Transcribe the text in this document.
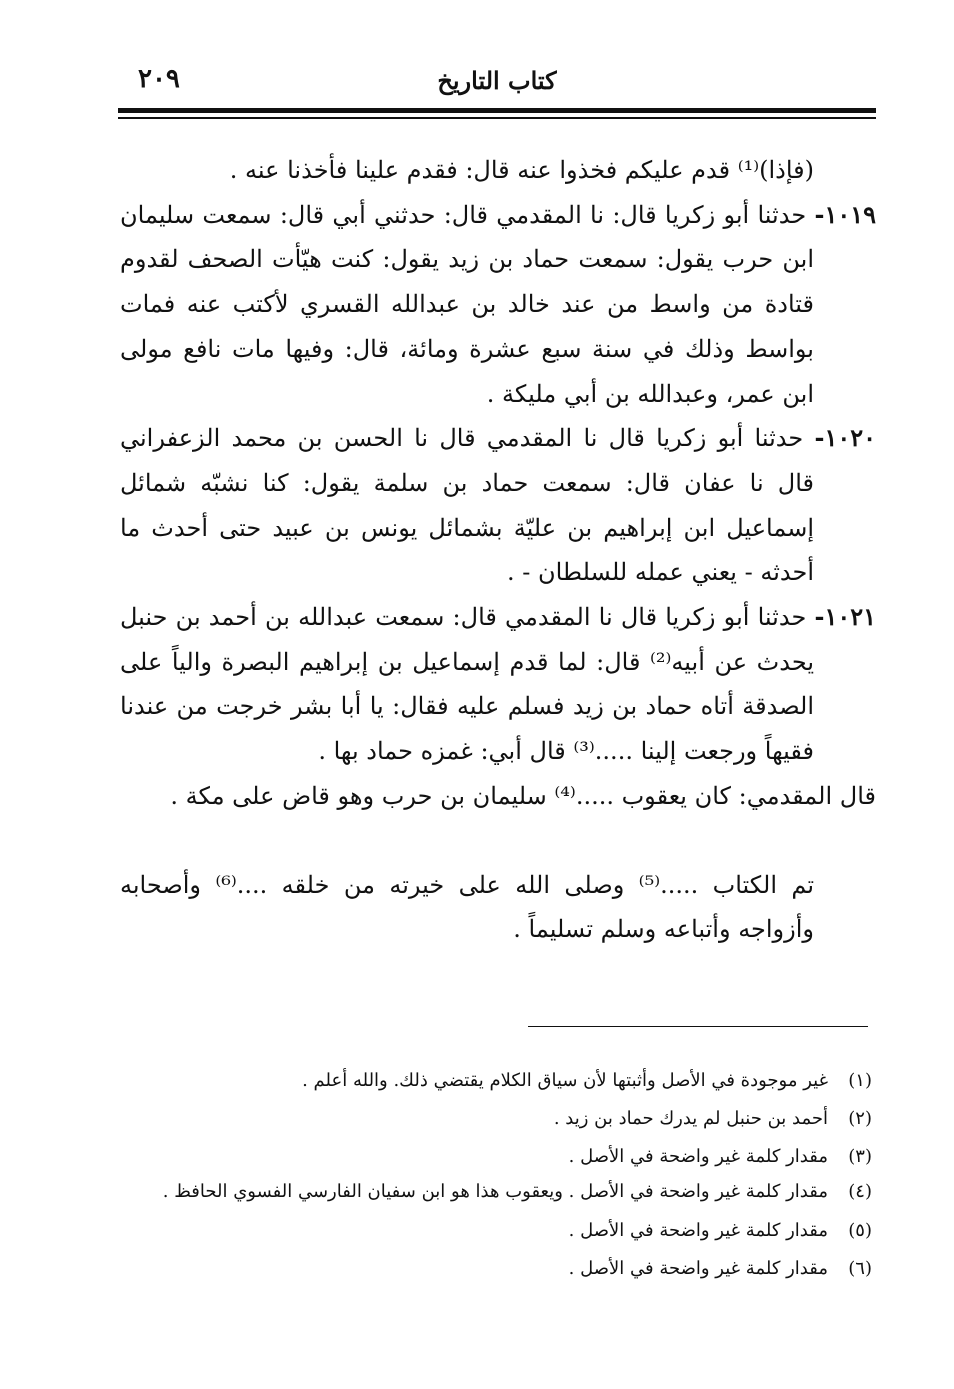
٢٠٩	كتاب التاريخ

(فإذا)⁽¹⁾ قدم عليكم فخذوا عنه قال: فقدم علينا فأخذنا عنه .

١٠١٩- حدثنا أبو زكريا قال: نا المقدمي قال: حدثني أبي قال: سمعت سليمان ابن حرب يقول: سمعت حماد بن زيد يقول: كنت هيّأت الصحف لقدوم قتادة من واسط من عند خالد بن عبدالله القسري لأكتب عنه فمات بواسط وذلك في سنة سبع عشرة ومائة، قال: وفيها مات نافع مولى ابن عمر، وعبدالله بن أبي مليكة .

١٠٢٠- حدثنا أبو زكريا قال نا المقدمي قال نا الحسن بن محمد الزعفراني قال نا عفان قال: سمعت حماد بن سلمة يقول: كنا نشبّه شمائل إسماعيل ابن إبراهيم بن عليّة بشمائل يونس بن عبيد حتى أحدث ما أحدثه - يعني عمله للسلطان - .

١٠٢١- حدثنا أبو زكريا قال نا المقدمي قال: سمعت عبدالله بن أحمد بن حنبل يحدث عن أبيه⁽²⁾ قال: لما قدم إسماعيل بن إبراهيم البصرة والياً على الصدقة أتاه حماد بن زيد فسلم عليه فقال: يا أبا بشر خرجت من عندنا فقيهاً ورجعت إلينا .....⁽³⁾ قال أبي: غمزه حماد بها .

قال المقدمي: كان يعقوب .....⁽⁴⁾ سليمان بن حرب وهو قاض على مكة .

تم الكتاب .....⁽⁵⁾ وصلى الله على خيرته من خلقه ....⁽⁶⁾ وأصحابه وأزواجه وأتباعه وسلم تسليماً .

(١)غير موجودة في الأصل وأثبتها لأن سياق الكلام يقتضي ذلك. والله أعلم .

(٢)أحمد بن حنبل لم يدرك حماد بن زيد .

(٣)مقدار كلمة غير واضحة في الأصل .

(٤)مقدار كلمة غير واضحة في الأصل . ويعقوب هذا هو ابن سفيان الفارسي الفسوي الحافظ .

(٥)مقدار كلمة غير واضحة في الأصل .

(٦)مقدار كلمة غير واضحة في الأصل .
